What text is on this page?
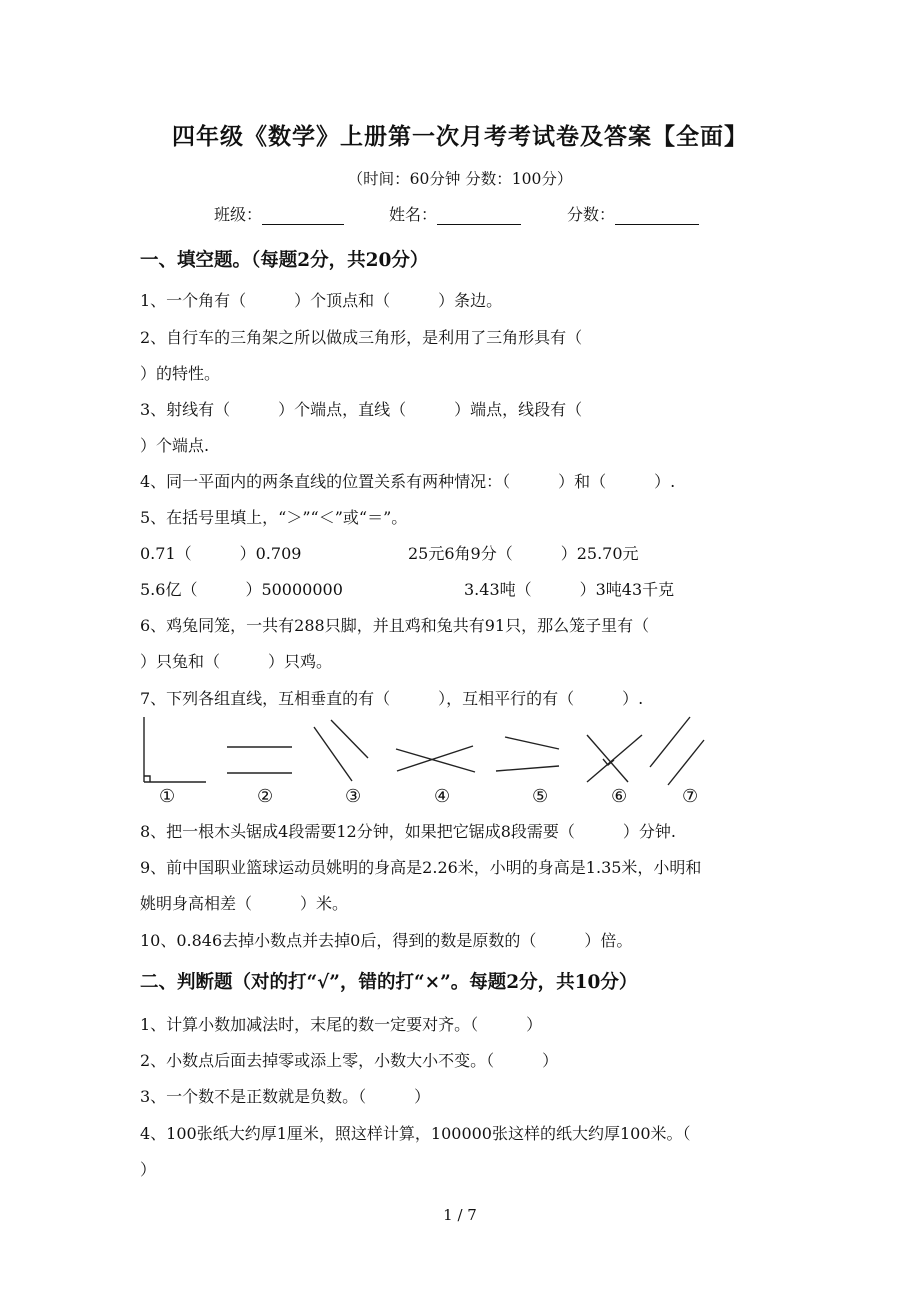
四年级《数学》上册第一次月考考试卷及答案【全面】
（时间：60分钟 分数：100分）
班级：	姓名：	分数：
一、填空题。（每题2分，共20分）
1、一个角有（　　　）个顶点和（　　　）条边。
2、自行车的三角架之所以做成三角形，是利用了三角形具有（
）的特性。
3、射线有（　　　）个端点，直线（　　　）端点，线段有（
）个端点.
4、同一平面内的两条直线的位置关系有两种情况：（　　　）和（　　　）.
5、在括号里填上，“＞”“＜”或“＝”。
0.71（　　　）0.709	25元6角9分（　　　）25.70元
5.6亿（　　　）50000000	3.43吨（　　　）3吨43千克
6、鸡兔同笼，一共有288只脚，并且鸡和兔共有91只，那么笼子里有（
）只兔和（　　　）只鸡。
7、下列各组直线，互相垂直的有（　　　），互相平行的有（　　　）.
①	②	③	④	⑤	⑥	⑦
8、把一根木头锯成4段需要12分钟，如果把它锯成8段需要（　　　）分钟.
9、前中国职业篮球运动员姚明的身高是2.26米，小明的身高是1.35米，小明和
姚明身高相差（　　　）米。
10、0.846去掉小数点并去掉0后，得到的数是原数的（　　　）倍。
二、判断题（对的打“√”，错的打“×”。每题2分，共10分）
1、计算小数加减法时，末尾的数一定要对齐。（　　　）
2、小数点后面去掉零或添上零，小数大小不变。（　　　）
3、一个数不是正数就是负数。（　　　）
4、100张纸大约厚1厘米，照这样计算，100000张这样的纸大约厚100米。（
）
1 / 7
